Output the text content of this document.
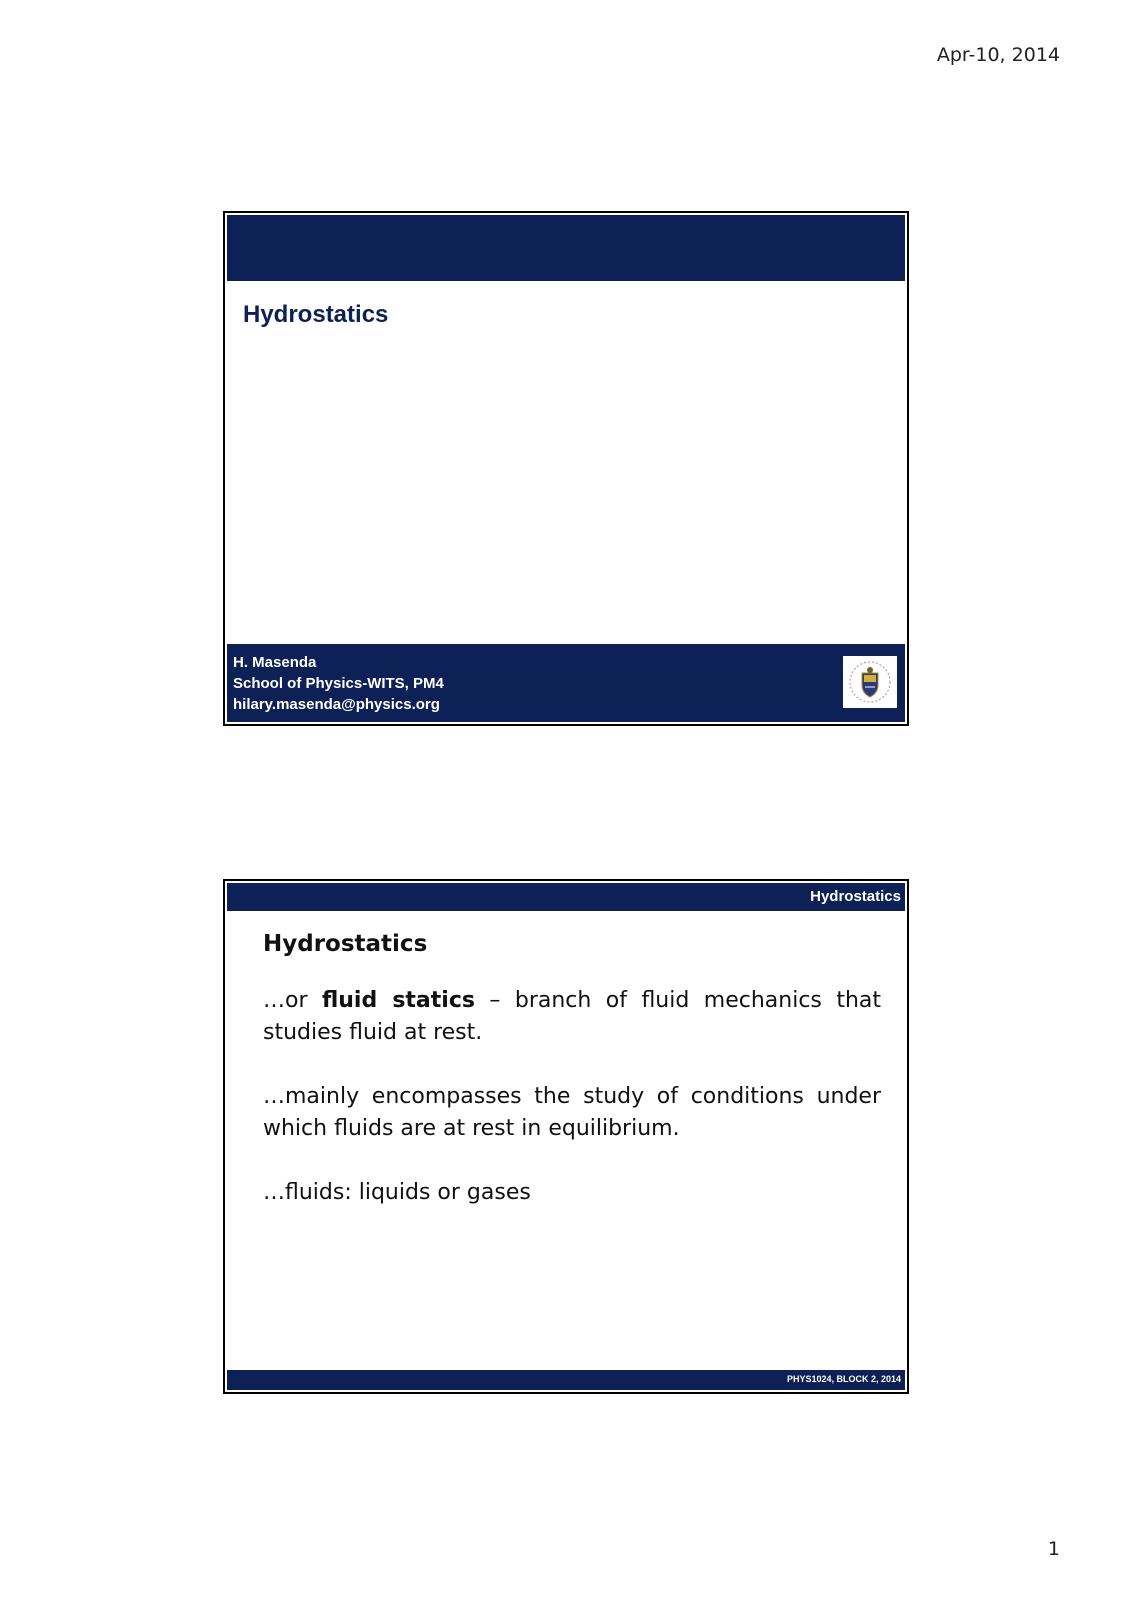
Apr-10, 2014
Hydrostatics
H. Masenda
School of Physics-WITS, PM4
hilary.masenda@physics.org
Hydrostatics
Hydrostatics

…or fluid statics – branch of fluid mechanics that studies fluid at rest.

…mainly encompasses the study of conditions under which fluids are at rest in equilibrium.

…fluids: liquids or gases

PHYS1024, BLOCK 2, 2014
1
